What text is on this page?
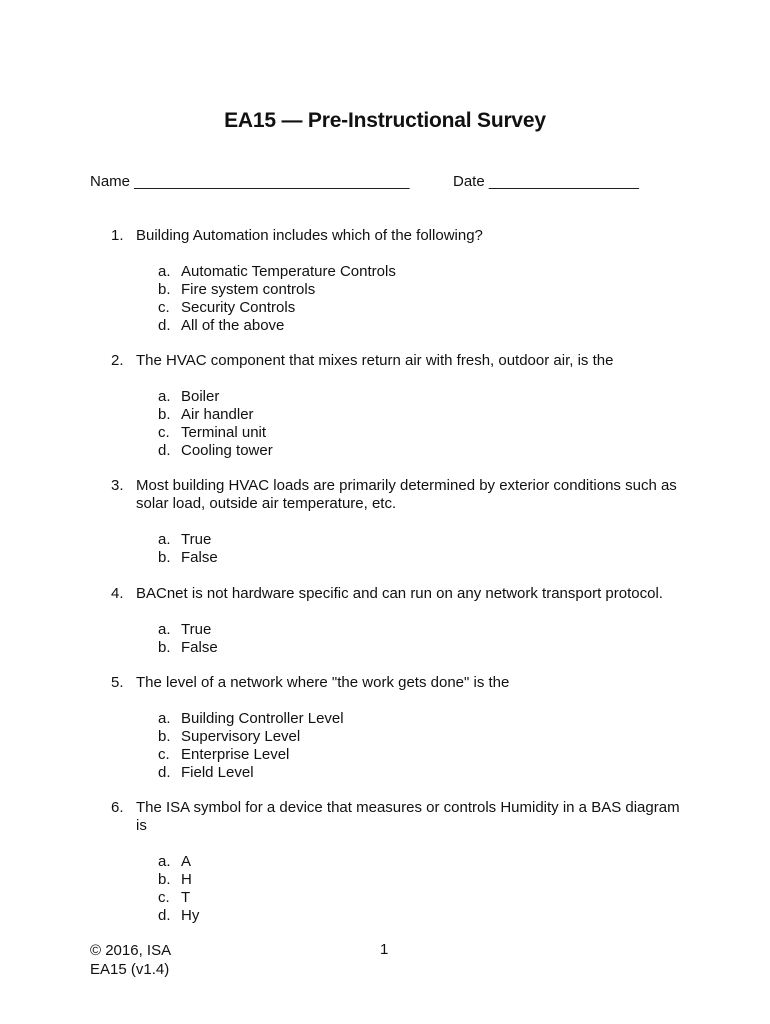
EA15 — Pre-Instructional Survey
Name _________________________________	Date __________________
1. Building Automation includes which of the following?
a. Automatic Temperature Controls
b. Fire system controls
c. Security Controls
d. All of the above
2. The HVAC component that mixes return air with fresh, outdoor air, is the
a. Boiler
b. Air handler
c. Terminal unit
d. Cooling tower
3. Most building HVAC loads are primarily determined by exterior conditions such as solar load, outside air temperature, etc.
a. True
b. False
4. BACnet is not hardware specific and can run on any network transport protocol.
a. True
b. False
5. The level of a network where "the work gets done" is the
a. Building Controller Level
b. Supervisory Level
c. Enterprise Level
d. Field Level
6. The ISA symbol for a device that measures or controls Humidity in a BAS diagram is
a. A
b. H
c. T
d. Hy
© 2016, ISA
EA15 (v1.4)
1
